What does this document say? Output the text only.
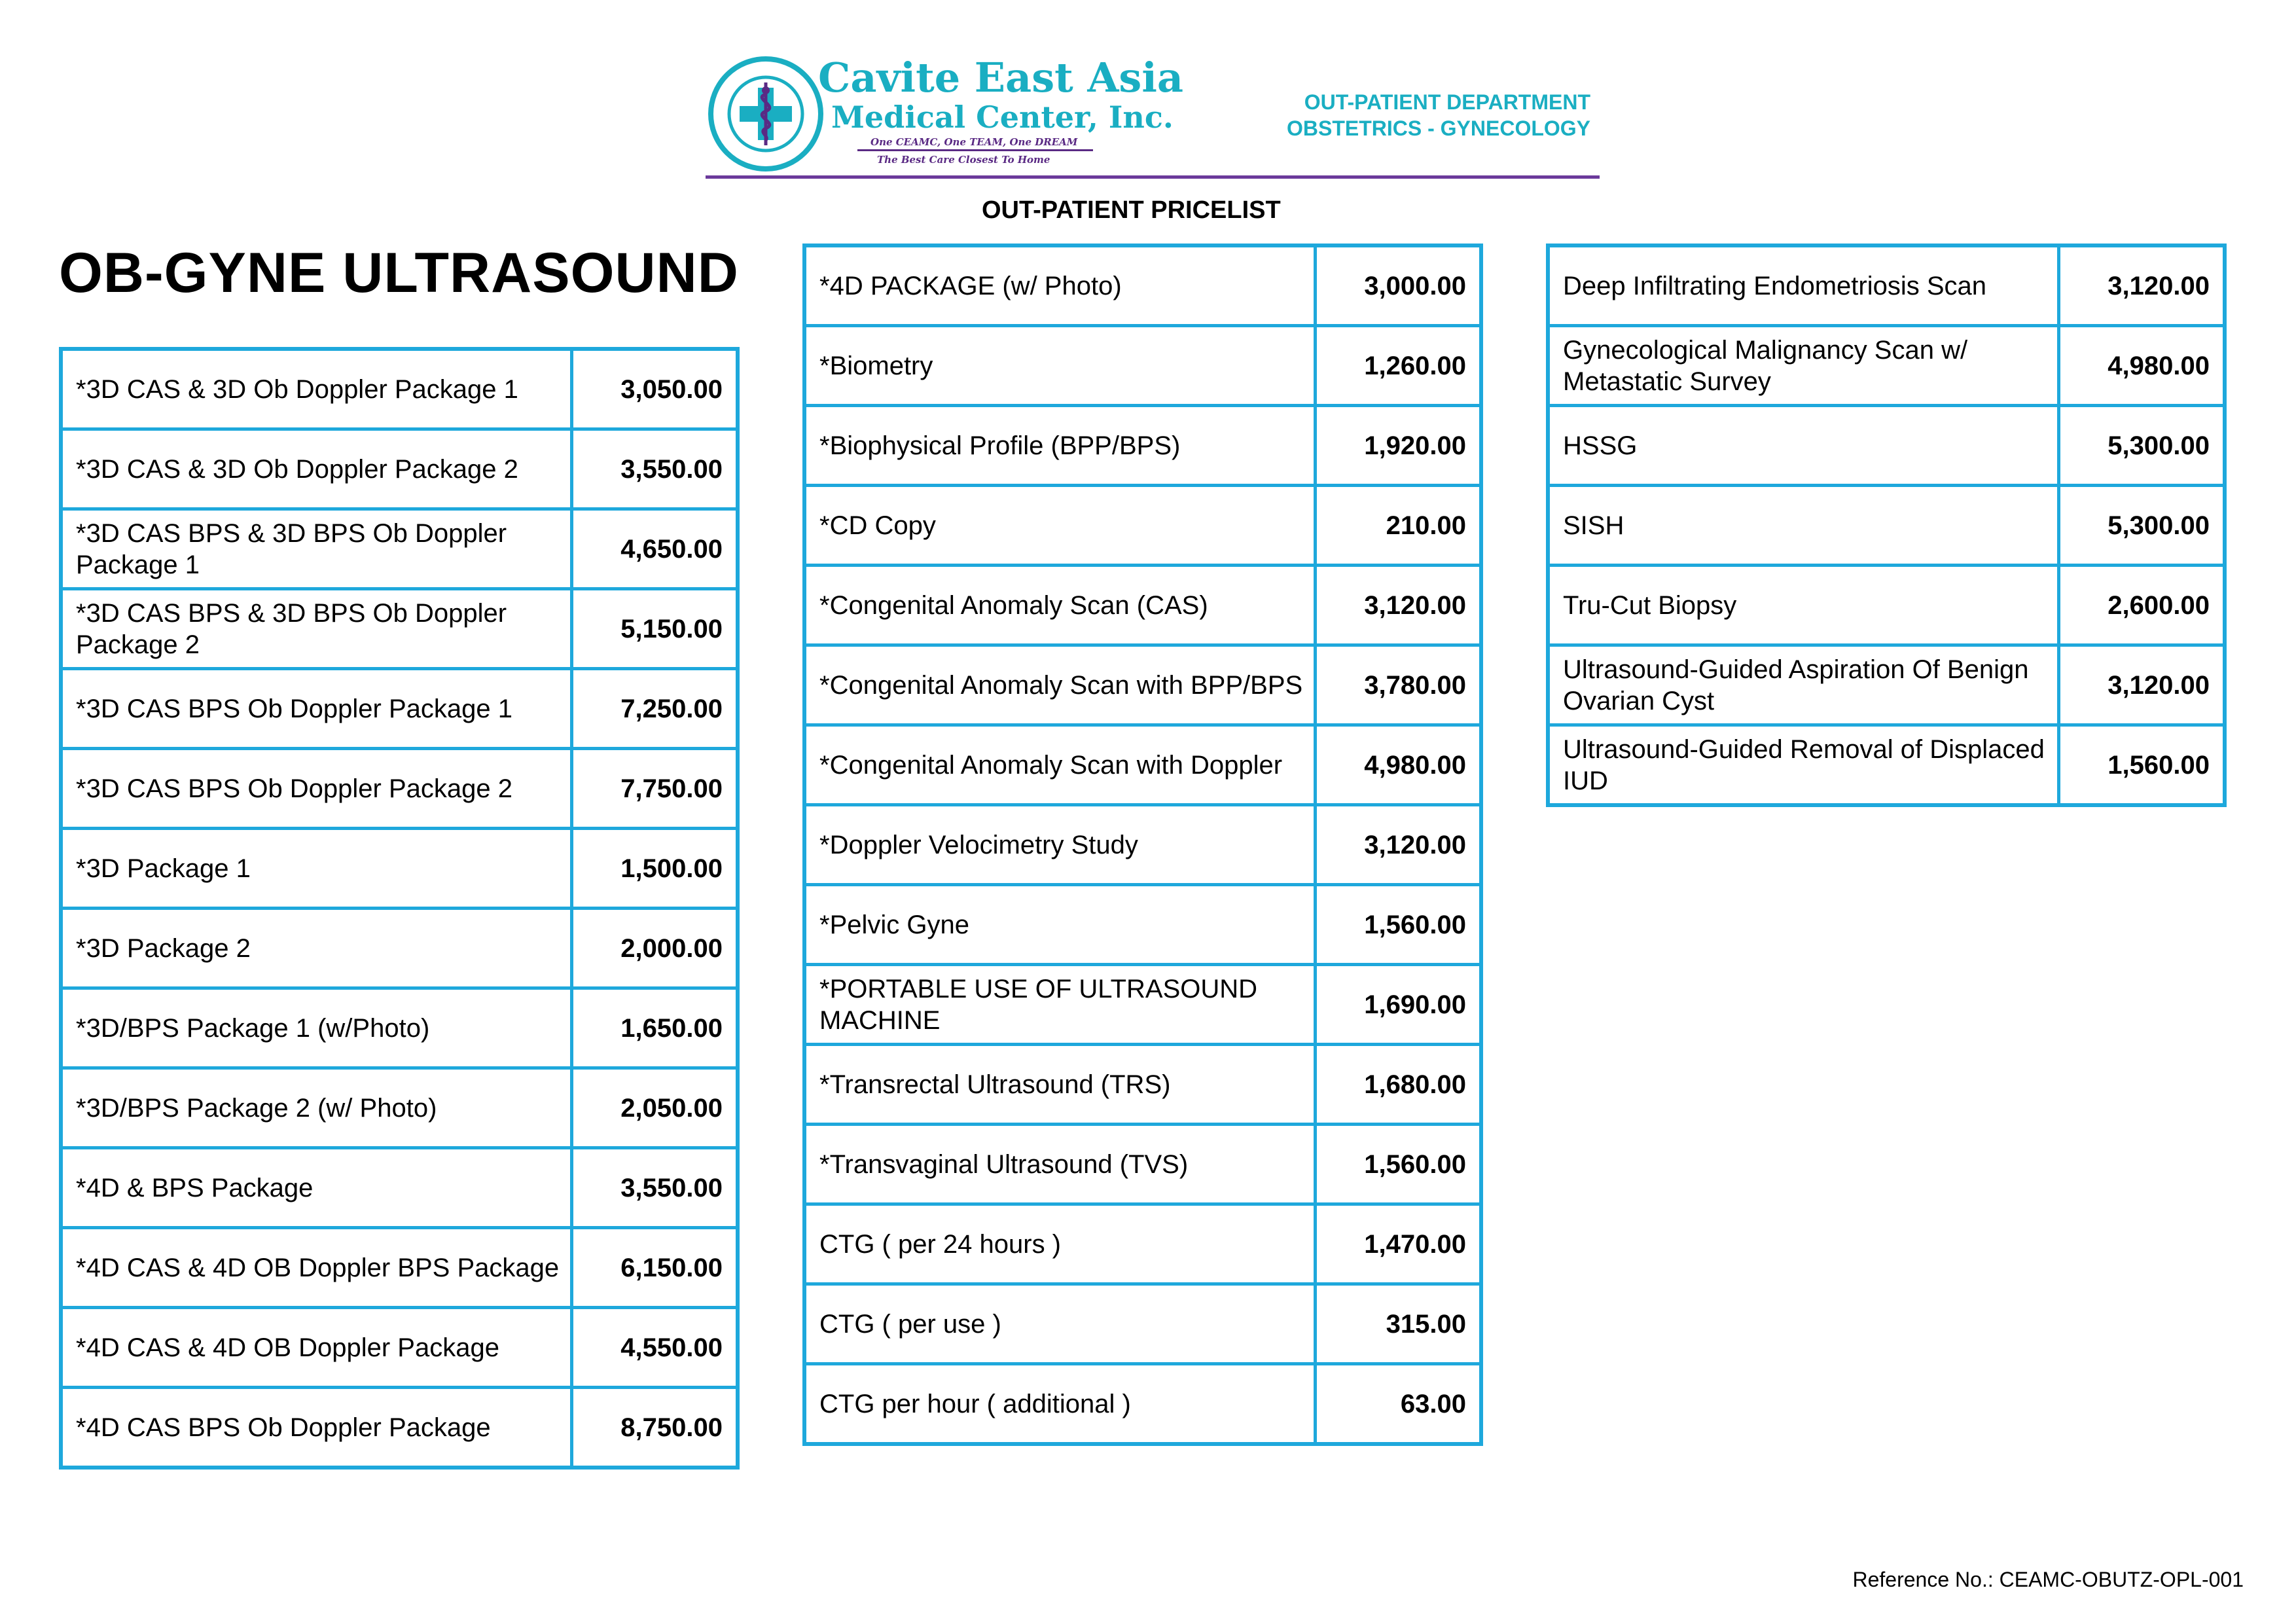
Cavite East Asia
Medical Center, Inc.
One CEAMC, One TEAM, One DREAM
The Best Care Closest To Home
OUT-PATIENT DEPARTMENT
OBSTETRICS - GYNECOLOGY
OUT-PATIENT PRICELIST
OB-GYNE ULTRASOUND
*3D CAS & 3D Ob Doppler Package 1	3,050.00
*3D CAS & 3D Ob Doppler Package 2	3,550.00
*3D CAS BPS & 3D BPS Ob Doppler Package 1	4,650.00
*3D CAS BPS & 3D BPS Ob Doppler Package 2	5,150.00
*3D CAS BPS Ob Doppler Package 1	7,250.00
*3D CAS BPS Ob Doppler Package 2	7,750.00
*3D Package 1	1,500.00
*3D Package 2	2,000.00
*3D/BPS Package 1 (w/Photo)	1,650.00
*3D/BPS Package 2 (w/ Photo)	2,050.00
*4D & BPS Package	3,550.00
*4D CAS & 4D OB Doppler BPS Package	6,150.00
*4D CAS & 4D OB Doppler Package	4,550.00
*4D CAS BPS Ob Doppler Package	8,750.00
*4D PACKAGE (w/ Photo)	3,000.00
*Biometry	1,260.00
*Biophysical Profile (BPP/BPS)	1,920.00
*CD Copy	210.00
*Congenital Anomaly Scan (CAS)	3,120.00
*Congenital Anomaly Scan with BPP/BPS	3,780.00
*Congenital Anomaly Scan with Doppler	4,980.00
*Doppler Velocimetry Study	3,120.00
*Pelvic Gyne	1,560.00
*PORTABLE USE OF ULTRASOUND MACHINE	1,690.00
*Transrectal Ultrasound (TRS)	1,680.00
*Transvaginal Ultrasound (TVS)	1,560.00
CTG ( per 24 hours )	1,470.00
CTG ( per use )	315.00
CTG per hour ( additional )	63.00
Deep Infiltrating Endometriosis Scan	3,120.00
Gynecological Malignancy Scan w/ Metastatic Survey	4,980.00
HSSG	5,300.00
SISH	5,300.00
Tru-Cut Biopsy	2,600.00
Ultrasound-Guided Aspiration Of Benign Ovarian Cyst	3,120.00
Ultrasound-Guided Removal of Displaced IUD	1,560.00
Reference No.: CEAMC-OBUTZ-OPL-001
